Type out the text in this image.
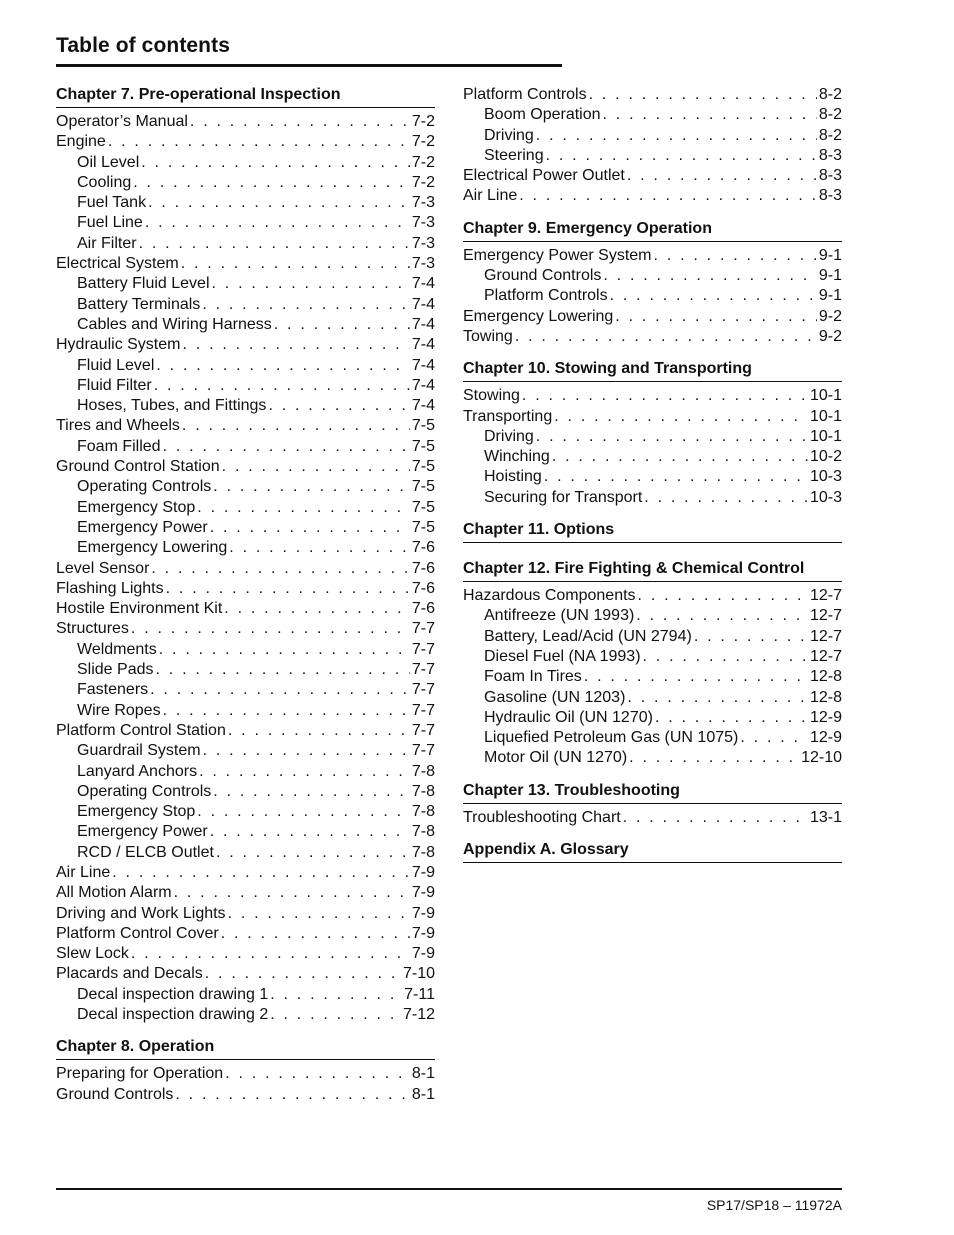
Table of contents
Chapter 7. Pre-operational Inspection
Operator’s Manual . . .	7-2
Engine . . .	7-2
Oil Level . . .	7-2
Cooling . . .	7-2
Fuel Tank . . .	7-3
Fuel Line . . .	7-3
Air Filter . . .	7-3
Electrical System . . .	7-3
Battery Fluid Level . . .	7-4
Battery Terminals . . .	7-4
Cables and Wiring Harness . . .	7-4
Hydraulic System . . .	7-4
Fluid Level . . .	7-4
Fluid Filter . . .	7-4
Hoses, Tubes, and Fittings . . .	7-4
Tires and Wheels . . .	7-5
Foam Filled . . .	7-5
Ground Control Station . . .	7-5
Operating Controls . . .	7-5
Emergency Stop . . .	7-5
Emergency Power . . .	7-5
Emergency Lowering . . .	7-6
Level Sensor . . .	7-6
Flashing Lights . . .	7-6
Hostile Environment Kit . . .	7-6
Structures . . .	7-7
Weldments . . .	7-7
Slide Pads . . .	7-7
Fasteners . . .	7-7
Wire Ropes . . .	7-7
Platform Control Station . . .	7-7
Guardrail System . . .	7-7
Lanyard Anchors . . .	7-8
Operating Controls . . .	7-8
Emergency Stop . . .	7-8
Emergency Power . . .	7-8
RCD / ELCB Outlet . . .	7-8
Air Line . . .	7-9
All Motion Alarm . . .	7-9
Driving and Work Lights . . .	7-9
Platform Control Cover . . .	7-9
Slew Lock . . .	7-9
Placards and Decals . . .	7-10
Decal inspection drawing 1 . . .	7-11
Decal inspection drawing 2 . . .	7-12
Chapter 8. Operation
Preparing for Operation . . .	8-1
Ground Controls . . .	8-1
Platform Controls . . .	8-2
Boom Operation . . .	8-2
Driving . . .	8-2
Steering . . .	8-3
Electrical Power Outlet . . .	8-3
Air Line . . .	8-3
Chapter 9. Emergency Operation
Emergency Power System . . .	9-1
Ground Controls . . .	9-1
Platform Controls . . .	9-1
Emergency Lowering . . .	9-2
Towing . . .	9-2
Chapter 10. Stowing and Transporting
Stowing . . .	10-1
Transporting . . .	10-1
Driving . . .	10-1
Winching . . .	10-2
Hoisting . . .	10-3
Securing for Transport . . .	10-3
Chapter 11. Options
Chapter 12. Fire Fighting & Chemical Control
Hazardous Components . . .	12-7
Antifreeze (UN 1993) . . .	12-7
Battery, Lead/Acid (UN 2794) . . .	12-7
Diesel Fuel (NA 1993) . . .	12-7
Foam In Tires . . .	12-8
Gasoline (UN 1203) . . .	12-8
Hydraulic Oil (UN 1270) . . .	12-9
Liquefied Petroleum Gas (UN 1075) . . .	12-9
Motor Oil (UN 1270) . . .	12-10
Chapter 13. Troubleshooting
Troubleshooting Chart . . .	13-1
Appendix A. Glossary
SP17/SP18 – 11972A
